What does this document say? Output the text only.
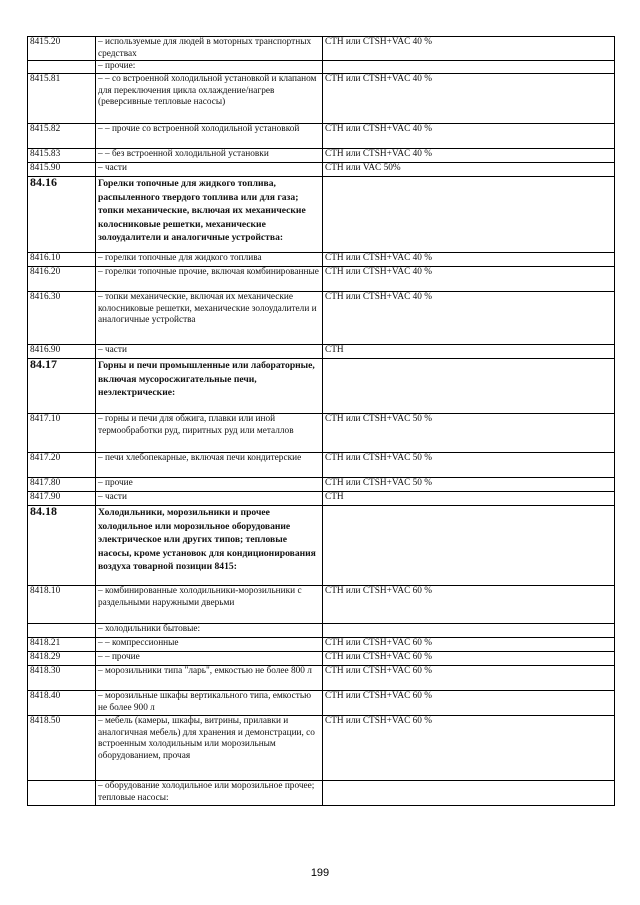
8415.20	– используемые для людей в моторных транспортных средствах	CTH или CTSH+VAC 40 %
	– прочие:	
8415.81	– – со встроенной холодильной установкой и клапаном для переключения цикла охлаждение/нагрев (реверсивные тепловые насосы)	CTH или CTSH+VAC 40 %
8415.82	– – прочие со встроенной холодильной установкой	CTH или CTSH+VAC 40 %
8415.83	– – без встроенной холодильной установки	CTH или CTSH+VAC 40 %
8415.90	– части	CTH или VAC 50%
84.16	Горелки топочные для жидкого топлива, распыленного твердого топлива или для газа; топки механические, включая их механические колосниковые решетки, механические золоудалители и аналогичные устройства:	
8416.10	– горелки топочные для жидкого топлива	CTH или CTSH+VAC 40 %
8416.20	– горелки топочные прочие, включая комбинированные	CTH или CTSH+VAC 40 %
8416.30	– топки механические, включая их механические колосниковые решетки, механические золоудалители и аналогичные устройства	CTH или CTSH+VAC 40 %
8416.90	– части	CTH
84.17	Горны и печи промышленные или лабораторные, включая мусоросжигательные печи, неэлектрические:	
8417.10	– горны и печи для обжига, плавки или иной термообработки руд, пиритных руд или металлов	CTH или CTSH+VAC 50 %
8417.20	– печи хлебопекарные, включая печи кондитерские	CTH или CTSH+VAC 50 %
8417.80	– прочие	CTH или CTSH+VAC 50 %
8417.90	– части	CTH
84.18	Холодильники, морозильники и прочее холодильное или морозильное оборудование электрическое или других типов; тепловые насосы, кроме установок для кондиционирования воздуха товарной позиции 8415:	
8418.10	– комбинированные холодильники-морозильники с раздельными наружными дверьми	CTH или CTSH+VAC 60 %
	– холодильники бытовые:	
8418.21	– – компрессионные	CTH или CTSH+VAC 60 %
8418.29	– – прочие	CTH или CTSH+VAC 60 %
8418.30	– морозильники типа "ларь", емкостью не более 800 л	CTH или CTSH+VAC 60 %
8418.40	– морозильные шкафы вертикального типа, емкостью не более 900 л	CTH или CTSH+VAC 60 %
8418.50	– мебель (камеры, шкафы, витрины, прилавки и аналогичная мебель) для хранения и демонстрации, со встроенным холодильным или морозильным оборудованием, прочая	CTH или CTSH+VAC 60 %
	– оборудование холодильное или морозильное прочее; тепловые насосы:	
199
